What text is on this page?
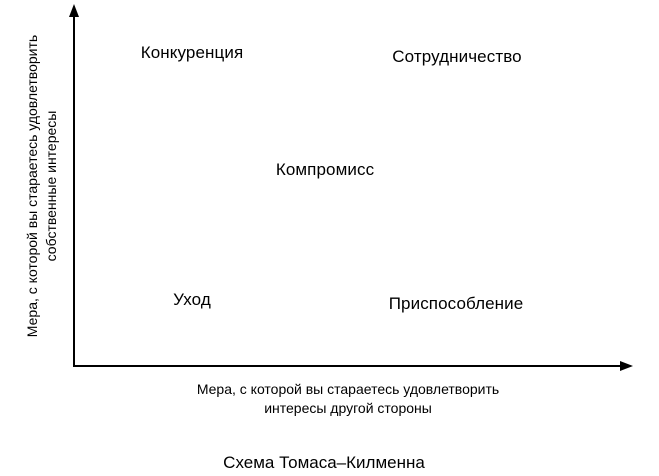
Конкуренция	Сотрудничество
Компромисс
Уход	Приспособление
Мера, с которой вы стараетесь удовлетворить
интересы другой стороны
Мера, с которой вы стараетесь удовлетворить собственные интересы
Схема Томаса–Килменна
